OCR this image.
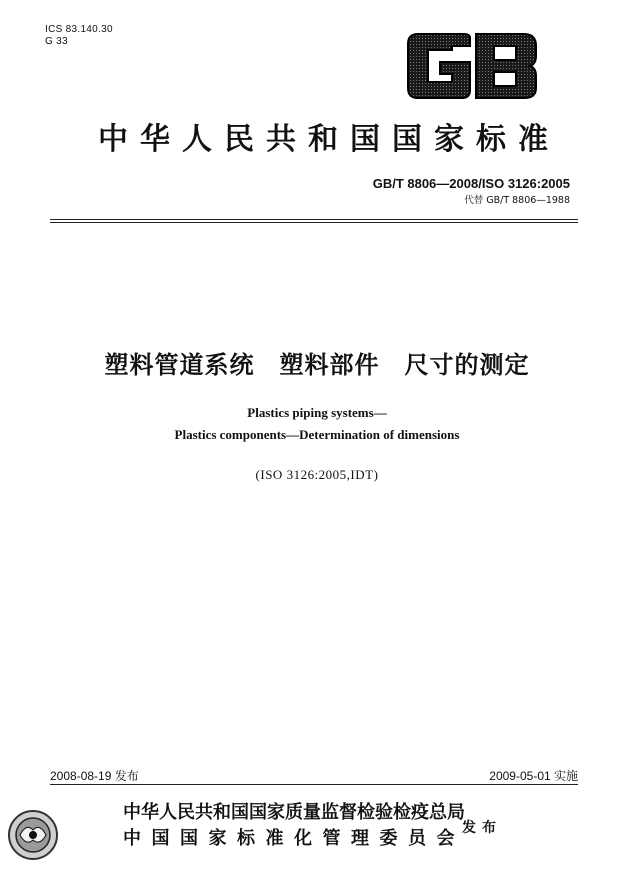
ICS 83.140.30
G 33
中华人民共和国国家标准
GB/T 8806—2008/ISO 3126:2005
代替 GB/T 8806—1988
塑料管道系统　塑料部件　尺寸的测定
Plastics piping systems—
Plastics components—Determination of dimensions
(ISO 3126:2005,IDT)
2008-08-19 发布	2009-05-01 实施
中华人民共和国国家质量监督检验检疫总局
中国国家标准化管理委员会
发布
